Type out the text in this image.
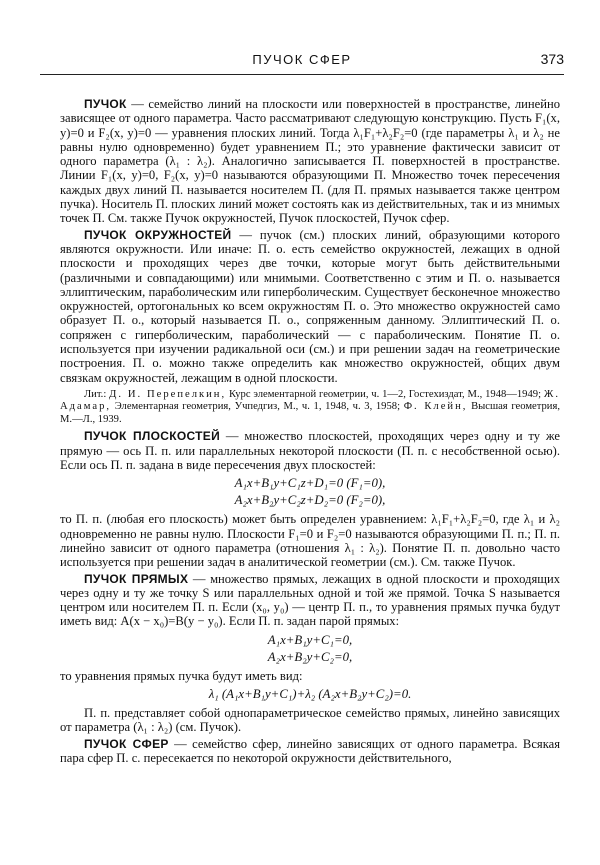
ПУЧОК СФЕР	373

ПУЧОК — семейство линий на плоскости или поверхностей в пространстве, линейно зависящее от одного параметра. Часто рассматривают следующую конструкцию. Пусть F₁(x, y)=0 и F₂(x, y)=0 — уравнения плоских линий. Тогда λ₁F₁+λ₂F₂=0 (где параметры λ₁ и λ₂ не равны нулю одновременно) будет уравнением П.; это уравнение фактически зависит от одного параметра (λ₁ : λ₂). Аналогично записывается П. поверхностей в пространстве. Линии F₁(x, y)=0, F₂(x, y)=0 называются образующими П. Множество точек пересечения каждых двух линий П. называется носителем П. (для П. прямых называется также центром пучка). Носитель П. плоских линий может состоять как из действительных, так и из мнимых точек П. См. также Пучок окружностей, Пучок плоскостей, Пучок сфер.

ПУЧОК ОКРУЖНОСТЕЙ — пучок (см.) плоских линий, образующими которого являются окружности. Или иначе: П. о. есть семейство окружностей, лежащих в одной плоскости и проходящих через две точки, которые могут быть действительными (различными и совпадающими) или мнимыми. Соответственно с этим и П. о. называется эллиптическим, параболическим или гиперболическим. Существует бесконечное множество окружностей, ортогональных ко всем окружностям П. о. Это множество окружностей само образует П. о., который называется П. о., сопряженным данному. Эллиптический П. о. сопряжен с гиперболическим, параболический — с параболическим. Понятие П. о. используется при изучении радикальной оси (см.) и при решении задач на геометрические построения. П. о. можно также определить как множество окружностей, общих двум связкам окружностей, лежащим в одной плоскости.

Лит.: Д. И. Перепелкин, Курс элементарной геометрии, ч. 1—2, Гостехиздат, М., 1948—1949; Ж. Адамар, Элементарная геометрия, Учпедгиз, М., ч. 1, 1948, ч. 3, 1958; Ф. Клейн, Высшая геометрия, М.—Л., 1939.

ПУЧОК ПЛОСКОСТЕЙ — множество плоскостей, проходящих через одну и ту же прямую — ось П. п. или параллельных некоторой плоскости (П. п. с несобственной осью). Если ось П. п. задана в виде пересечения двух плоскостей:

A₁x+B₁y+C₁z+D₁=0 (F₁=0),
A₂x+B₂y+C₂z+D₂=0 (F₂=0),

то П. п. (любая его плоскость) может быть определен уравнением: λ₁F₁+λ₂F₂=0, где λ₁ и λ₂ одновременно не равны нулю. Плоскости F₁=0 и F₂=0 называются образующими П. п.; П. п. линейно зависит от одного параметра (отношения λ₁ : λ₂). Понятие П. п. довольно часто используется при решении задач в аналитической геометрии (см.). См. также Пучок.

ПУЧОК ПРЯМЫХ — множество прямых, лежащих в одной плоскости и проходящих через одну и ту же точку S или параллельных одной и той же прямой. Точка S называется центром или носителем П. п. Если (x₀, y₀) — центр П. п., то уравнения прямых пучка будут иметь вид: A(x − x₀)=B(y − y₀). Если П. п. задан парой прямых:

A₁x+B₁y+C₁=0,
A₂x+B₂y+C₂=0,

то уравнения прямых пучка будут иметь вид:

λ₁ (A₁x+B₁y+C₁)+λ₂ (A₂x+B₂y+C₂)=0.

П. п. представляет собой однопараметрическое семейство прямых, линейно зависящих от параметра (λ₁ : λ₂) (см. Пучок).

ПУЧОК СФЕР — семейство сфер, линейно зависящих от одного параметра. Всякая пара сфер П. с. пересекается по некоторой окружности действительного,
